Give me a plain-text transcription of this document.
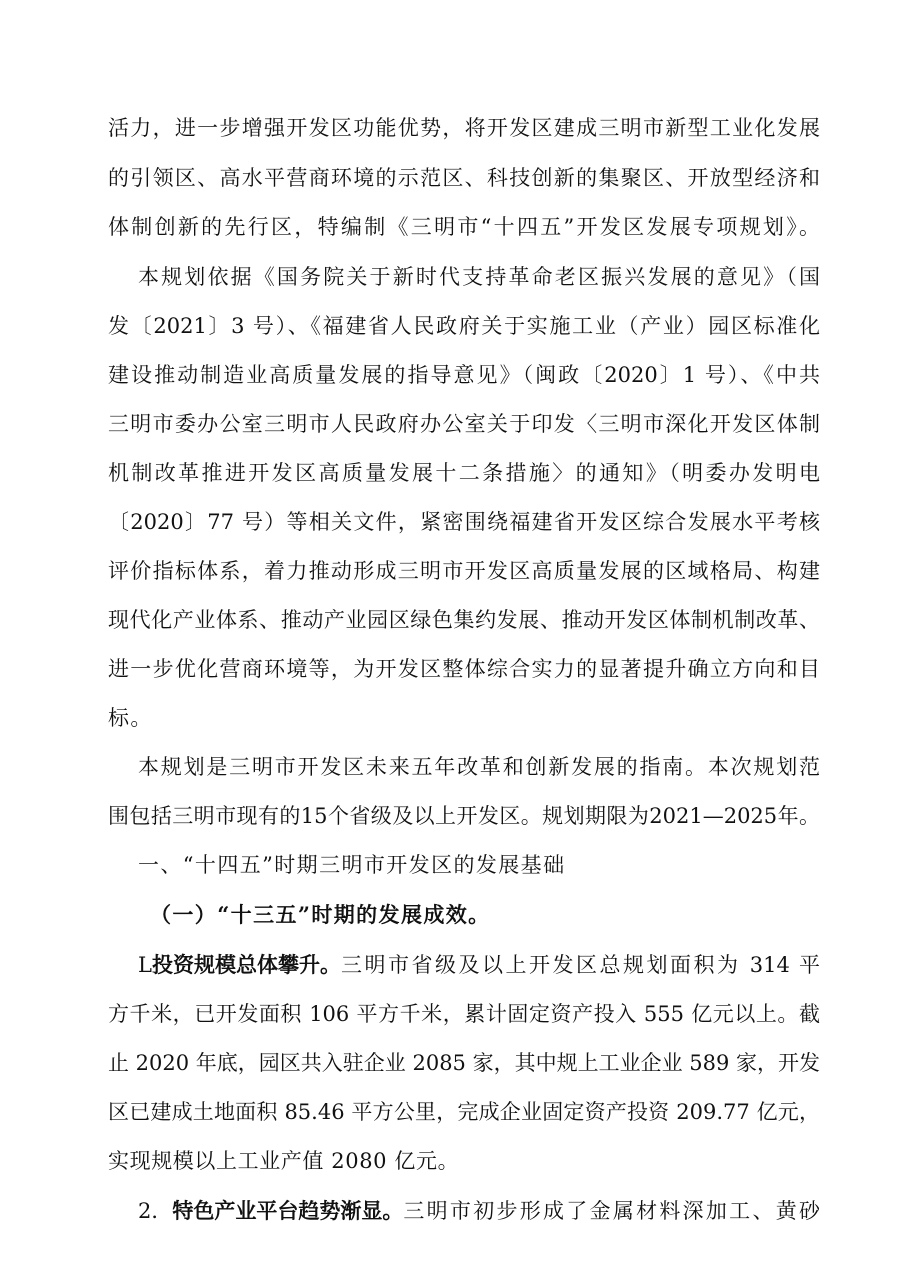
活力，进一步增强开发区功能优势，将开发区建成三明市新型工业化发展
的引领区、高水平营商环境的示范区、科技创新的集聚区、开放型经济和
体制创新的先行区，特编制《三明市“十四五”开发区发展专项规划》。
本规划依据《国务院关于新时代支持革命老区振兴发展的意见》（国
发〔2021〕3 号）、《福建省人民政府关于实施工业（产业）园区标准化
建设推动制造业高质量发展的指导意见》（闽政〔2020〕1 号）、《中共
三明市委办公室三明市人民政府办公室关于印发〈三明市深化开发区体制
机制改革推进开发区高质量发展十二条措施〉的通知》（明委办发明电
〔2020〕77 号）等相关文件，紧密围绕福建省开发区综合发展水平考核
评价指标体系，着力推动形成三明市开发区高质量发展的区域格局、构建
现代化产业体系、推动产业园区绿色集约发展、推动开发区体制机制改革、
进一步优化营商环境等，为开发区整体综合实力的显著提升确立方向和目
标。
本规划是三明市开发区未来五年改革和创新发展的指南。本次规划范
围包括三明市现有的15个省级及以上开发区。规划期限为2021—2025年。
一、“十四五”时期三明市开发区的发展基础
（一）“十三五”时期的发展成效。
L 投资规模总体攀升。 三明市省级及以上开发区总规划面积为 314 平
方千米，已开发面积 106 平方千米，累计固定资产投入 555 亿元以上。截
止 2020 年底，园区共入驻企业 2085 家，其中规上工业企业 589 家，开发
区已建成土地面积 85.46 平方公里，完成企业固定资产投资 209.77 亿元，
实现规模以上工业产值 2080 亿元。
2． 特色产业平台趋势渐显。 三明市初步形成了金属材料深加工、黄砂
